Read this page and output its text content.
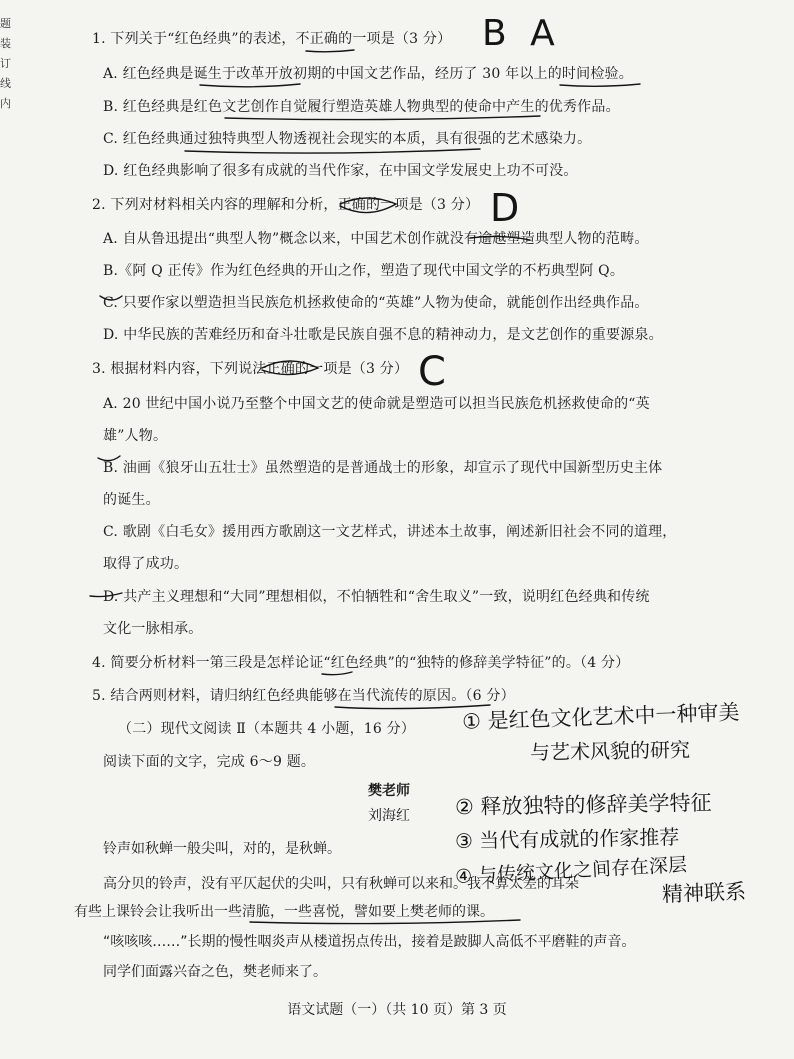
题 装 订 线 内
1. 下列关于“红色经典”的表述，不正确的一项是（3 分）
A. 红色经典是诞生于改革开放初期的中国文艺作品，经历了 30 年以上的时间检验。
B. 红色经典是红色文艺创作自觉履行塑造英雄人物典型的使命中产生的优秀作品。
C. 红色经典通过独特典型人物透视社会现实的本质，具有很强的艺术感染力。
D. 红色经典影响了很多有成就的当代作家，在中国文学发展史上功不可没。
2. 下列对材料相关内容的理解和分析，正确的一项是（3 分）
A. 自从鲁迅提出“典型人物”概念以来，中国艺术创作就没有逾越塑造典型人物的范畴。
B.《阿 Q 正传》作为红色经典的开山之作，塑造了现代中国文学的不朽典型阿 Q。
C. 只要作家以塑造担当民族危机拯救使命的“英雄”人物为使命，就能创作出经典作品。
D. 中华民族的苦难经历和奋斗壮歌是民族自强不息的精神动力，是文艺创作的重要源泉。
3. 根据材料内容，下列说法正确的一项是（3 分）
A. 20 世纪中国小说乃至整个中国文艺的使命就是塑造可以担当民族危机拯救使命的“英
雄”人物。
B. 油画《狼牙山五壮士》虽然塑造的是普通战士的形象，却宣示了现代中国新型历史主体
的诞生。
C. 歌剧《白毛女》援用西方歌剧这一文艺样式，讲述本土故事，阐述新旧社会不同的道理，
取得了成功。
D. 共产主义理想和“大同”理想相似，不怕牺牲和“舍生取义”一致，说明红色经典和传统
文化一脉相承。
4. 简要分析材料一第三段是怎样论证“红色经典”的“独特的修辞美学特征”的。（4 分）
5. 结合两则材料，请归纳红色经典能够在当代流传的原因。（6 分）
（二）现代文阅读 Ⅱ（本题共 4 小题，16 分）
阅读下面的文字，完成 6～9 题。
樊老师
刘海红
铃声如秋蝉一般尖叫，对的，是秋蝉。
高分贝的铃声，没有平仄起伏的尖叫，只有秋蝉可以来和。我不算太差的耳朵
有些上课铃会让我听出一些清脆，一些喜悦，譬如要上樊老师的课。
“咳咳咳……”长期的慢性咽炎声从楼道拐点传出，接着是跛脚人高低不平磨鞋的声音。
同学们面露兴奋之色，樊老师来了。
语文试题（一）（共 10 页）第 3 页
B A
D
C
① 是红色文化艺术中一种审美
与艺术风貌的研究
② 释放独特的修辞美学特征
③ 当代有成就的作家推荐
④ 与传统文化之间存在深层
精神联系
